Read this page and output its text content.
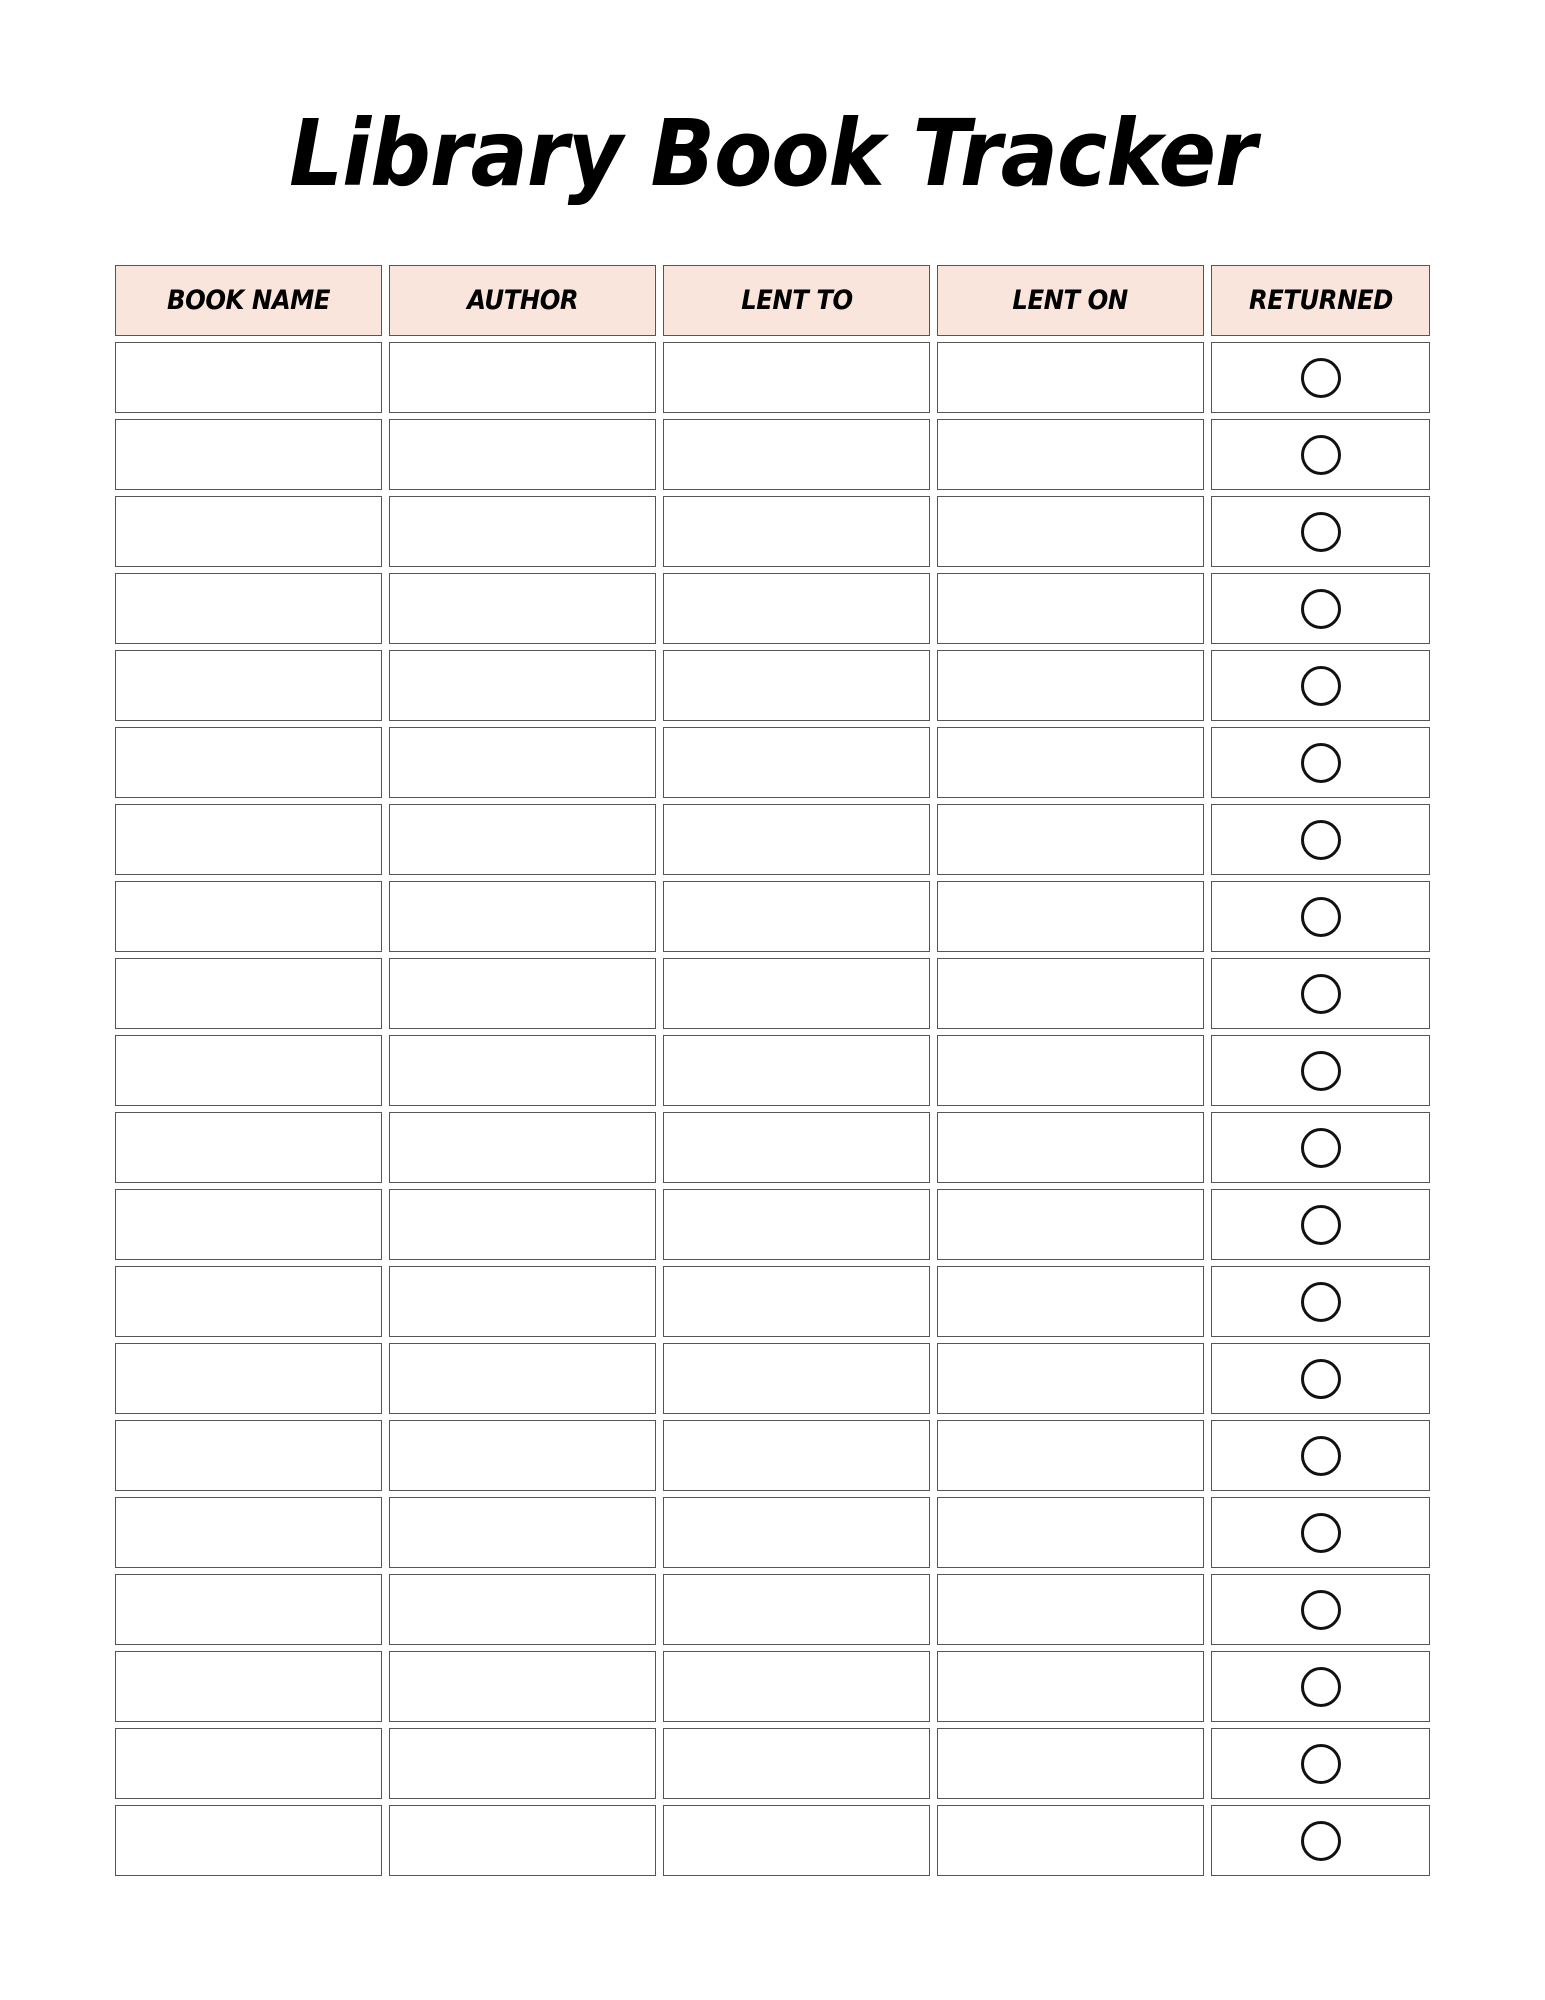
Library Book Tracker
BOOK NAME	AUTHOR	LENT TO	LENT ON	RETURNED
